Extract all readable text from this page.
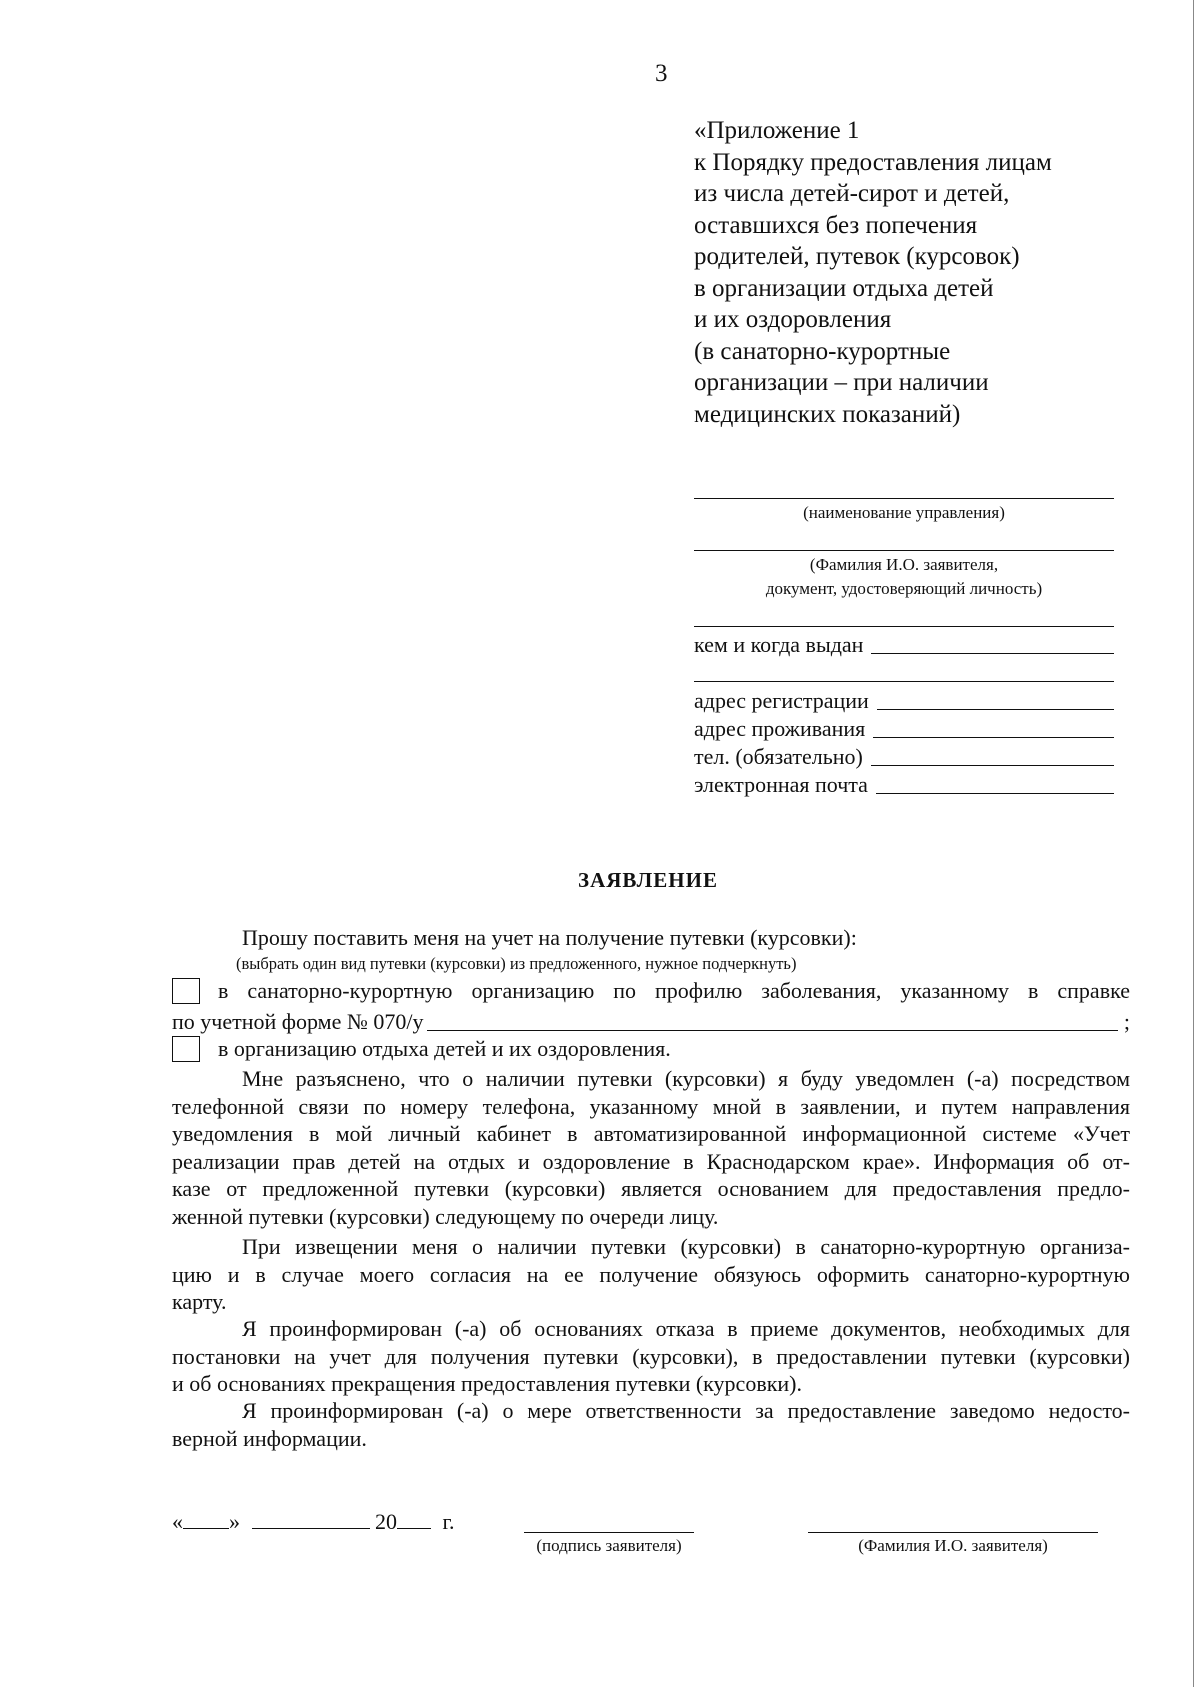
3
«Приложение 1
к Порядку предоставления лицам
из числа детей-сирот и детей,
оставшихся без попечения
родителей, путевок (курсовок)
в организации отдыха детей
и их оздоровления
(в санаторно-курортные
организации – при наличии
медицинских показаний)
(наименование управления)
(Фамилия И.О. заявителя,
документ, удостоверяющий личность)
кем и когда выдан
адрес регистрации
адрес проживания
тел. (обязательно)
электронная почта
ЗАЯВЛЕНИЕ
Прошу поставить меня на учет на получение путевки (курсовки):
(выбрать один вид путевки (курсовки) из предложенного, нужное подчеркнуть)
в санаторно-курортную организацию по профилю заболевания, указанному в справке
по учетной форме № 070/у	;
в организацию отдыха детей и их оздоровления.
Мне разъяснено, что о наличии путевки (курсовки) я буду уведомлен (-а) посредством
телефонной связи по номеру телефона, указанному мной в заявлении, и путем направления
уведомления в мой личный кабинет в автоматизированной информационной системе «Учет
реализации прав детей на отдых и оздоровление в Краснодарском крае». Информация об от-
казе от предложенной путевки (курсовки) является основанием для предоставления предло-
женной путевки (курсовки) следующему по очереди лицу.
При извещении меня о наличии путевки (курсовки) в санаторно-курортную организа-
цию и в случае моего согласия на ее получение обязуюсь оформить санаторно-курортную
карту.
Я проинформирован (-а) об основаниях отказа в приеме документов, необходимых для
постановки на учет для получения путевки (курсовки), в предоставлении путевки (курсовки)
и об основаниях прекращения предоставления путевки (курсовки).
Я проинформирован (-а) о мере ответственности за предоставление заведомо недосто-
верной информации.
« »	20 г.
(подпись заявителя)	(Фамилия И.О. заявителя)
